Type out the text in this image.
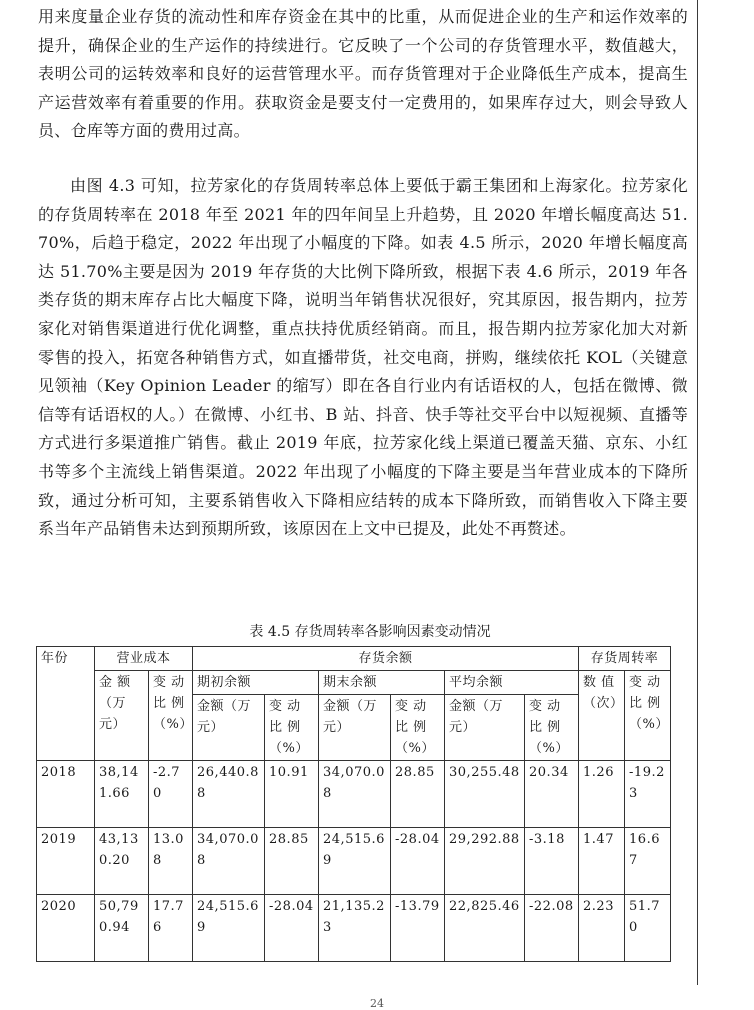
用来度量企业存货的流动性和库存资金在其中的比重，从而促进企业的生产和运作效率的提升，确保企业的生产运作的持续进行。它反映了一个公司的存货管理水平，数值越大，表明公司的运转效率和良好的运营管理水平。而存货管理对于企业降低生产成本，提高生产运营效率有着重要的作用。获取资金是要支付一定费用的，如果库存过大，则会导致人员、仓库等方面的费用过高。

由图 4.3 可知，拉芳家化的存货周转率总体上要低于霸王集团和上海家化。拉芳家化的存货周转率在 2018 年至 2021 年的四年间呈上升趋势，且 2020 年增长幅度高达 51.70%，后趋于稳定，2022 年出现了小幅度的下降。如表 4.5 所示，2020 年增长幅度高达 51.70%主要是因为 2019 年存货的大比例下降所致，根据下表 4.6 所示，2019 年各类存货的期末库存占比大幅度下降，说明当年销售状况很好，究其原因，报告期内，拉芳家化对销售渠道进行优化调整，重点扶持优质经销商。而且，报告期内拉芳家化加大对新零售的投入，拓宽各种销售方式，如直播带货，社交电商，拼购，继续依托 KOL（关键意见领袖（Key Opinion Leader 的缩写）即在各自行业内有话语权的人，包括在微博、微信等有话语权的人。）在微博、小红书、B 站、抖音、快手等社交平台中以短视频、直播等方式进行多渠道推广销售。截止 2019 年底，拉芳家化线上渠道已覆盖天猫、京东、小红书等多个主流线上销售渠道。2022 年出现了小幅度的下降主要是当年营业成本的下降所致，通过分析可知，主要系销售收入下降相应结转的成本下降所致，而销售收入下降主要系当年产品销售未达到预期所致，该原因在上文中已提及，此处不再赘述。

表 4.5 存货周转率各影响因素变动情况
年份	营业成本		存货余额						存货周转率	
	金 额（万元）	变 动比 例（%）	期初余额		期末余额		平均余额		数 值（次）	变 动比 例（%）
			金额（万元）	变 动比 例（%）	金额（万元）	变 动比 例（%）	金额（万元）	变 动比 例（%）		
2018	38,141.66	-2.70	26,440.88	10.91	34,070.08	28.85	30,255.48	20.34	1.26	-19.23
2019	43,130.20	13.08	34,070.08	28.85	24,515.69	-28.04	29,292.88	-3.18	1.47	16.67
2020	50,790.94	17.76	24,515.69	-28.04	21,135.23	-13.79	22,825.46	-22.08	2.23	51.70
24
